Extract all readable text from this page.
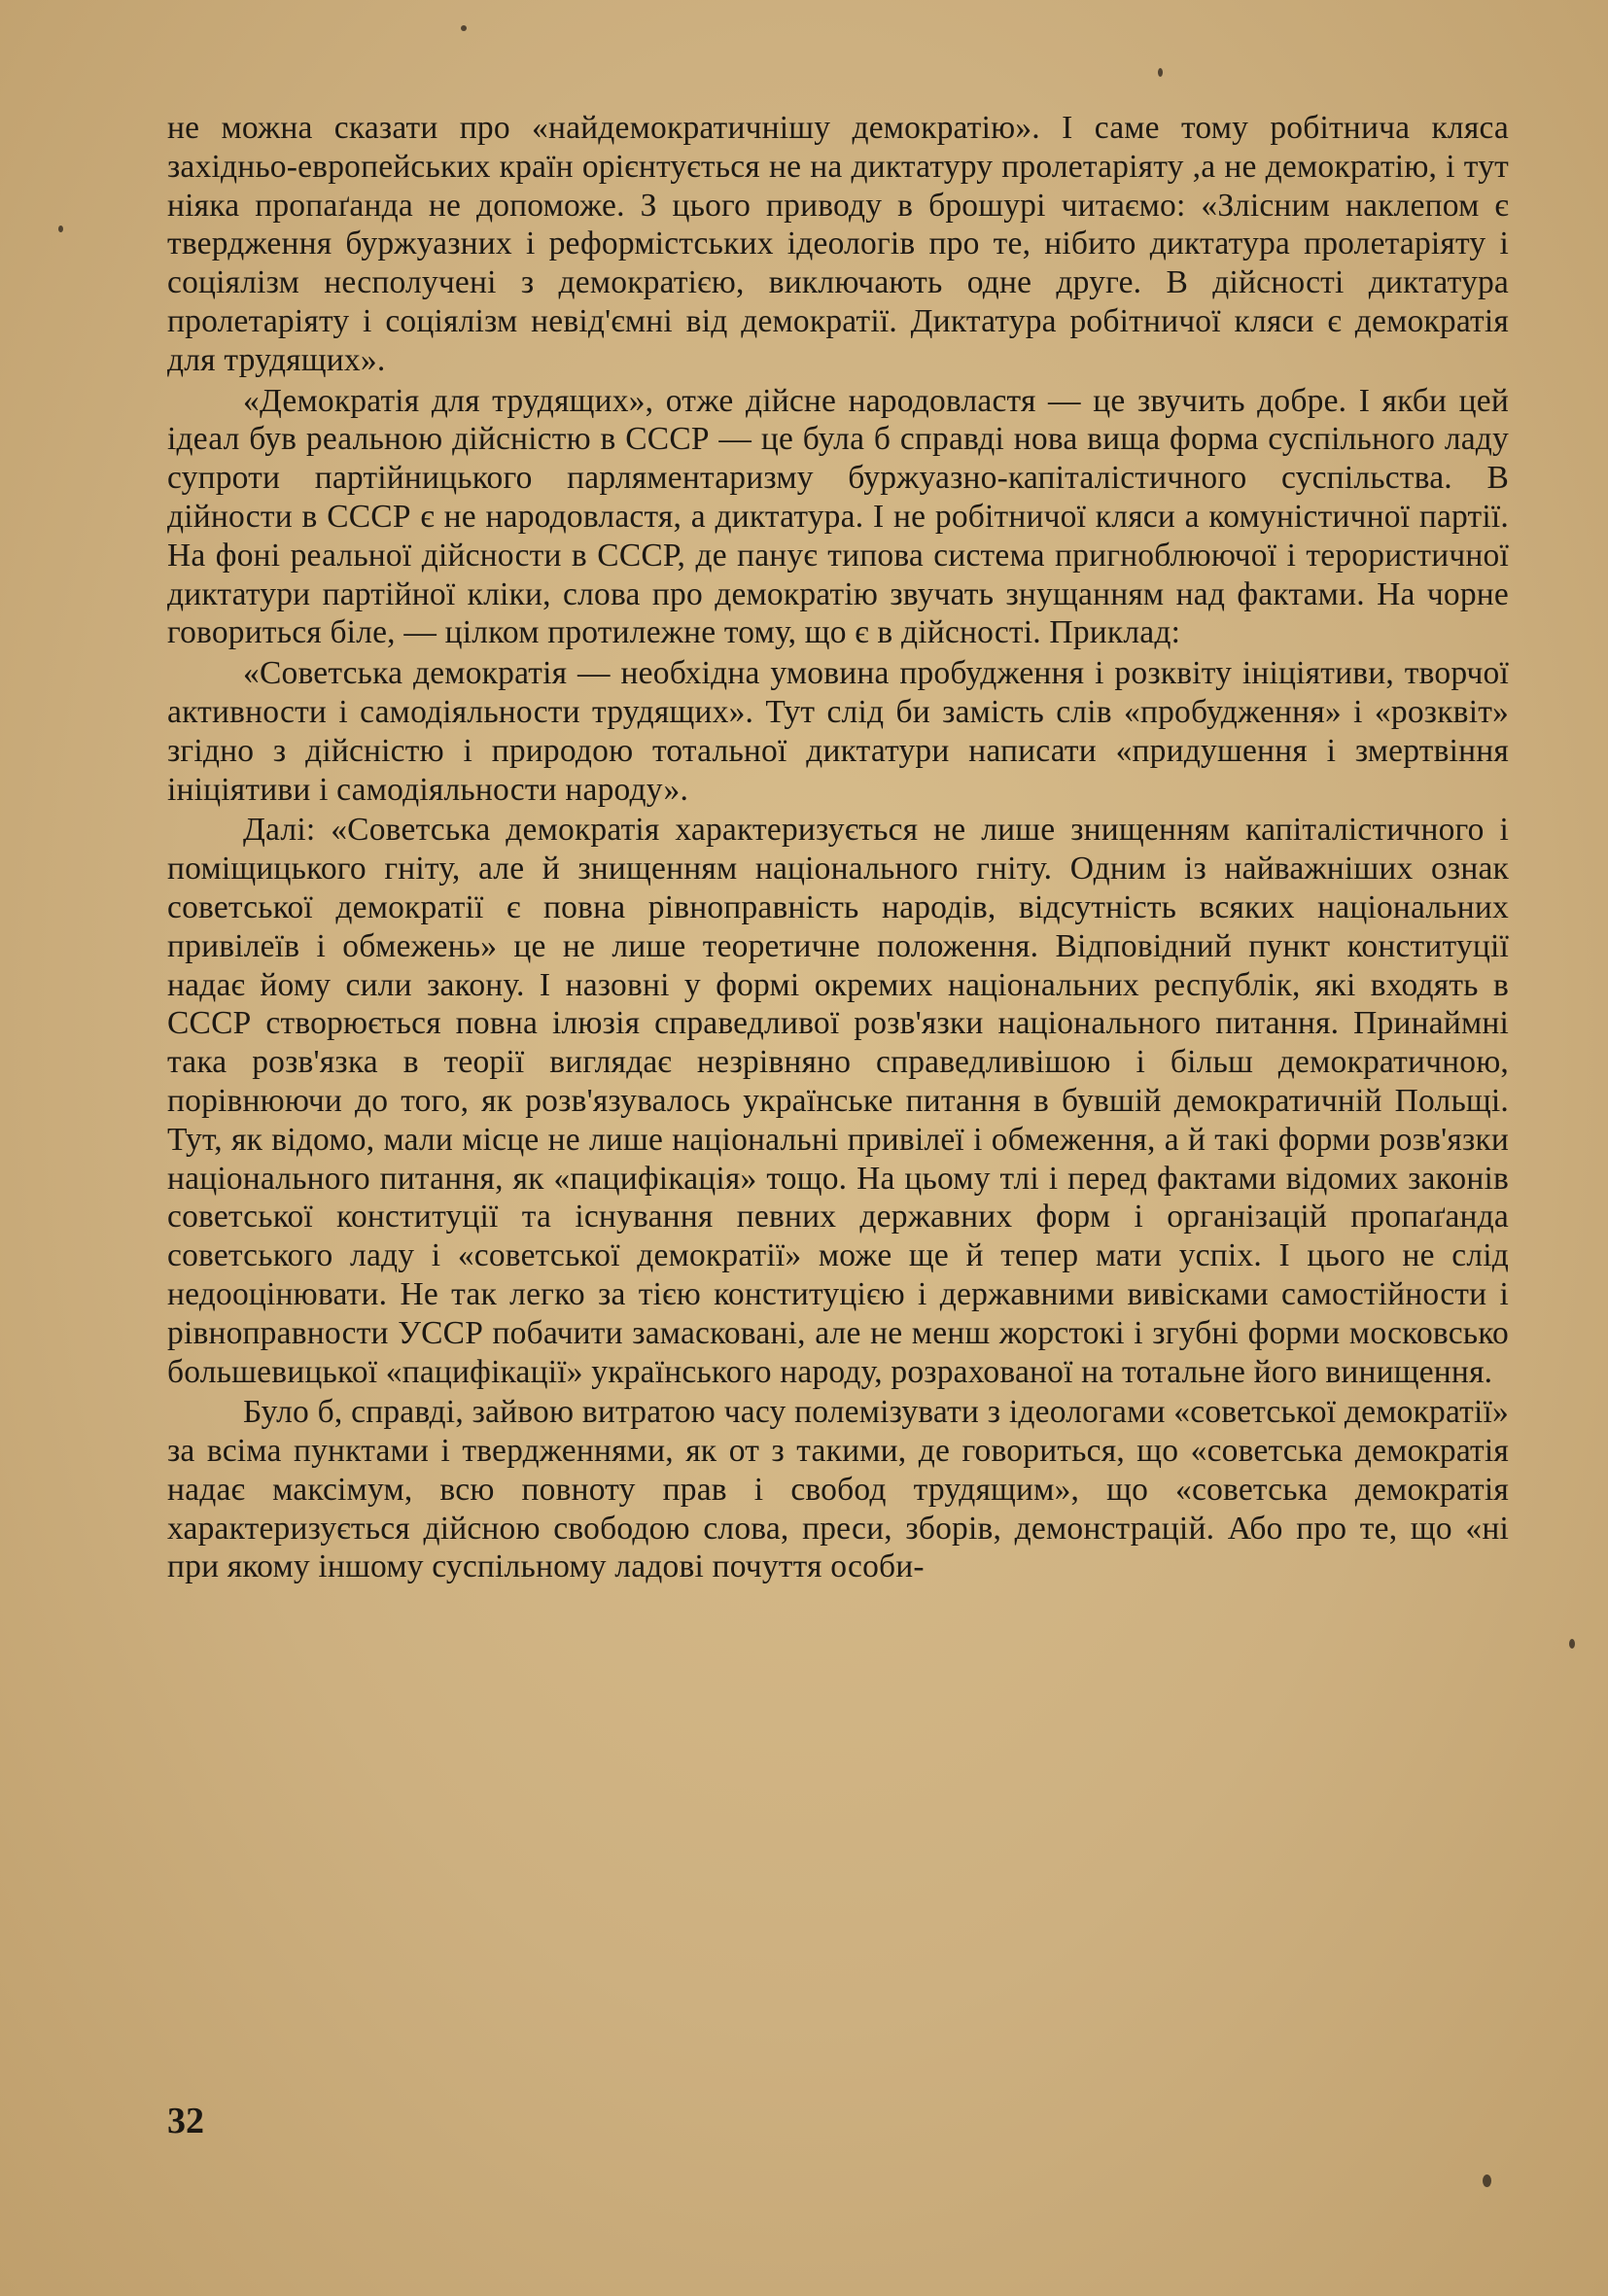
не можна сказати про «найдемократичнішу демократію». І саме тому робітнича кляса західньо-европейських країн орієнтується не на диктатуру пролетаріяту ,а не демократію, і тут ніяка пропаґанда не допоможе. З цього приводу в брошурі читаємо: «Злісним наклепом є твердження буржуазних і реформістських ідеологів про те, нібито диктатура пролетаріяту і соціялізм несполучені з демократією, виключають одне друге. В дійсності диктатура пролетаріяту і соціялізм невід'ємні від демократії. Диктатура робітничої кляси є демократія для трудящих».

«Демократія для трудящих», отже дійсне народовластя — це звучить добре. І якби цей ідеал був реальною дійсністю в СССР — це була б справді нова вища форма суспільного ладу супроти партійницького парляментаризму буржуазно-капіталістичного суспільства. В дійности в СССР є не народовластя, а диктатура. І не робітничої кляси а комуністичної партії. На фоні реальної дійсности в СССР, де панує типова система пригноблюючої і терористичної диктатури партійної кліки, слова про демократію звучать знущанням над фактами. На чорне говориться біле, — цілком протилежне тому, що є в дійсності. Приклад:

«Советська демократія — необхідна умовина пробудження і розквіту ініціятиви, творчої активности і самодіяльности трудящих». Тут слід би замість слів «пробудження» і «розквіт» згідно з дійсністю і природою тотальної диктатури написати «придушення і змертвіння ініціятиви і самодіяльности народу».

Далі: «Советська демократія характеризується не лише знищенням капіталістичного і поміщицького гніту, але й знищенням національного гніту. Одним із найважніших ознак советської демократії є повна рівноправність народів, відсутність всяких національних привілеїв і обмежень» це не лише теоретичне положення. Відповідний пункт конституції надає йому сили закону. І назовні у формі окремих національних республік, які входять в СССР створюється повна ілюзія справедливої розв'язки національного питання. Принаймні така розв'язка в теорії виглядає незрівняно справедливішою і більш демократичною, порівнюючи до того, як розв'язувалось українське питання в бувшій демократичній Польщі. Тут, як відомо, мали місце не лише національні привілеї і обмеження, а й такі форми розв'язки національного питання, як «пацифікація» тощо. На цьому тлі і перед фактами відомих законів советської конституції та існування певних державних форм і організацій пропаґанда советського ладу і «советської демократії» може ще й тепер мати успіх. І цього не слід недооцінювати. Не так легко за тією конституцією і державними вивісками самостійности і рівноправности УССР побачити замасковані, але не менш жорстокі і згубні форми московсько большевицької «пацифікації» українського народу, розрахованої на тотальне його винищення.

Було б, справді, зайвою витратою часу полемізувати з ідеологами «советської демократії» за всіма пунктами і твердженнями, як от з такими, де говориться, що «советська демократія надає максімум, всю повноту прав і свобод трудящим», що «советська демократія характеризується дійсною свободою слова, преси, зборів, демонстрацій. Або про те, що «ні при якому іншому суспільному ладові почуття особи-

32
